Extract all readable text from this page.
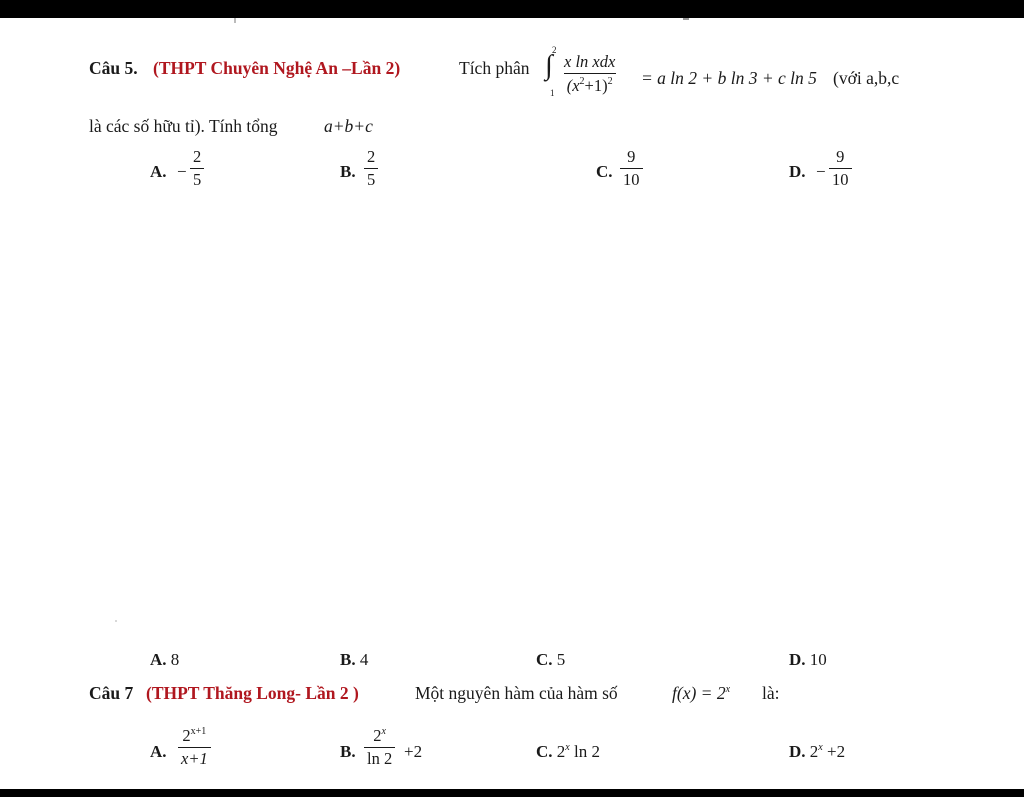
Câu 5. (THPT Chuyên Nghệ An –Lần 2)	Tích phân ∫ 2
1
x ln xdx
$(x^2+1)^2 = a$ ln 2 + b ln 3 + c ln 5 (với a,b,c
là các số hữu tỉ). Tính tổng	a+b+c
A. − $\frac{2}{5}$	B. $\frac{2}{5}$	C. $\frac{9}{10}$	D. − $\frac{9}{10}$
A. 8	B. 4	C. 5	D. 10
Câu 7 (THPT Thăng Long- Lần 2 )	Một nguyên hàm của hàm số	$f(x) = 2^x$ là:
A. $\frac{2^{x+1}}{x+1}$	B. $\frac{2^x}{\ln 2} +2$	C. 2$^x$ ln 2	D. $2^x +2$
